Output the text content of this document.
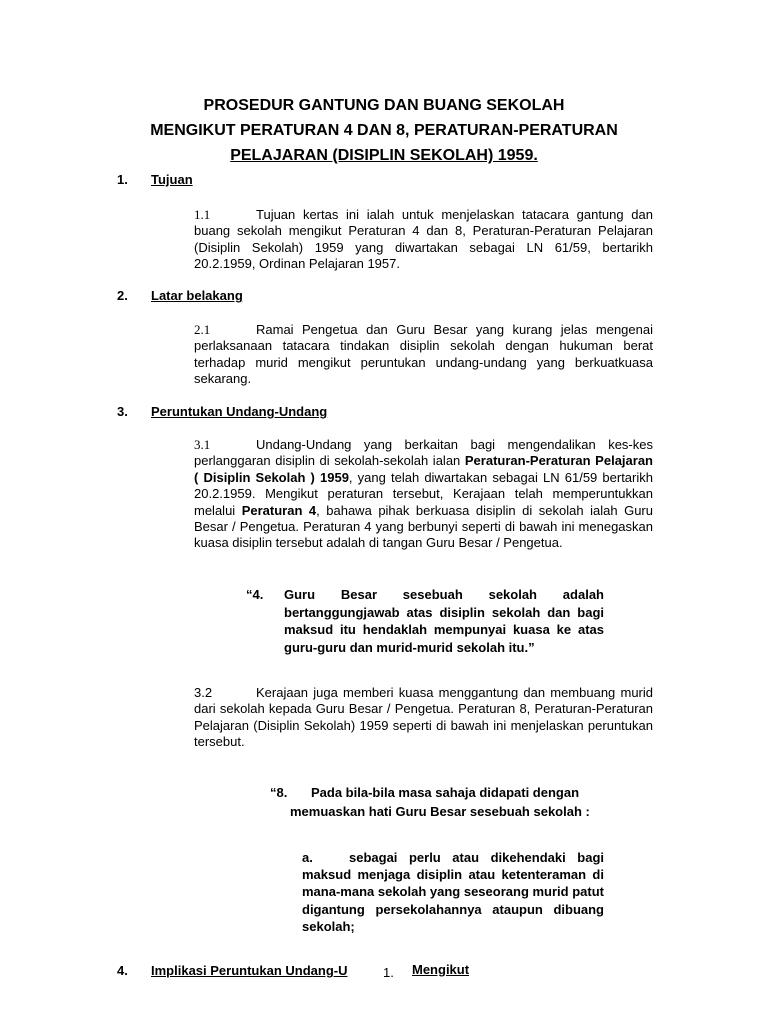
PROSEDUR GANTUNG DAN BUANG SEKOLAH
MENGIKUT PERATURAN 4 DAN 8, PERATURAN-PERATURAN
PELAJARAN (DISIPLIN SEKOLAH) 1959.
1. Tujuan
1.1	Tujuan kertas ini ialah untuk menjelaskan tatacara gantung dan buang sekolah mengikut Peraturan 4 dan 8, Peraturan-Peraturan Pelajaran (Disiplin Sekolah) 1959 yang diwartakan sebagai LN 61/59, bertarikh 20.2.1959, Ordinan Pelajaran 1957.
2. Latar belakang
2.1	Ramai Pengetua dan Guru Besar yang kurang jelas mengenai perlaksanaan tatacara tindakan disiplin sekolah dengan hukuman berat terhadap murid mengikut peruntukan undang-undang yang berkuatkuasa sekarang.
3. Peruntukan Undang-Undang
3.1	Undang-Undang yang berkaitan bagi mengendalikan kes-kes perlanggaran disiplin di sekolah-sekolah ialan Peraturan-Peraturan Pelajaran ( Disiplin Sekolah ) 1959, yang telah diwartakan sebagai LN 61/59 bertarikh 20.2.1959. Mengikut peraturan tersebut, Kerajaan telah memperuntukkan melalui Peraturan 4, bahawa pihak berkuasa disiplin di sekolah ialah Guru Besar / Pengetua. Peraturan 4 yang berbunyi seperti di bawah ini menegaskan kuasa disiplin tersebut adalah di tangan Guru Besar / Pengetua.
“4. Guru Besar sesebuah sekolah adalah bertanggungjawab atas disiplin sekolah dan bagi maksud itu hendaklah mempunyai kuasa ke atas guru-guru dan murid-murid sekolah itu.”
3.2	Kerajaan juga memberi kuasa menggantung dan membuang murid dari sekolah kepada Guru Besar / Pengetua. Peraturan 8, Peraturan-Peraturan Pelajaran (Disiplin Sekolah) 1959 seperti di bawah ini menjelaskan peruntukan tersebut.
“8. Pada bila-bila masa sahaja didapati dengan
memuaskan hati Guru Besar sesebuah sekolah :
a.	sebagai perlu atau dikehendaki bagi maksud menjaga disiplin atau ketenteraman di mana-mana sekolah yang seseorang murid patut digantung persekolahannya ataupun dibuang sekolah;
4. Implikasi Peruntukan Undang-U	1. Mengikut
